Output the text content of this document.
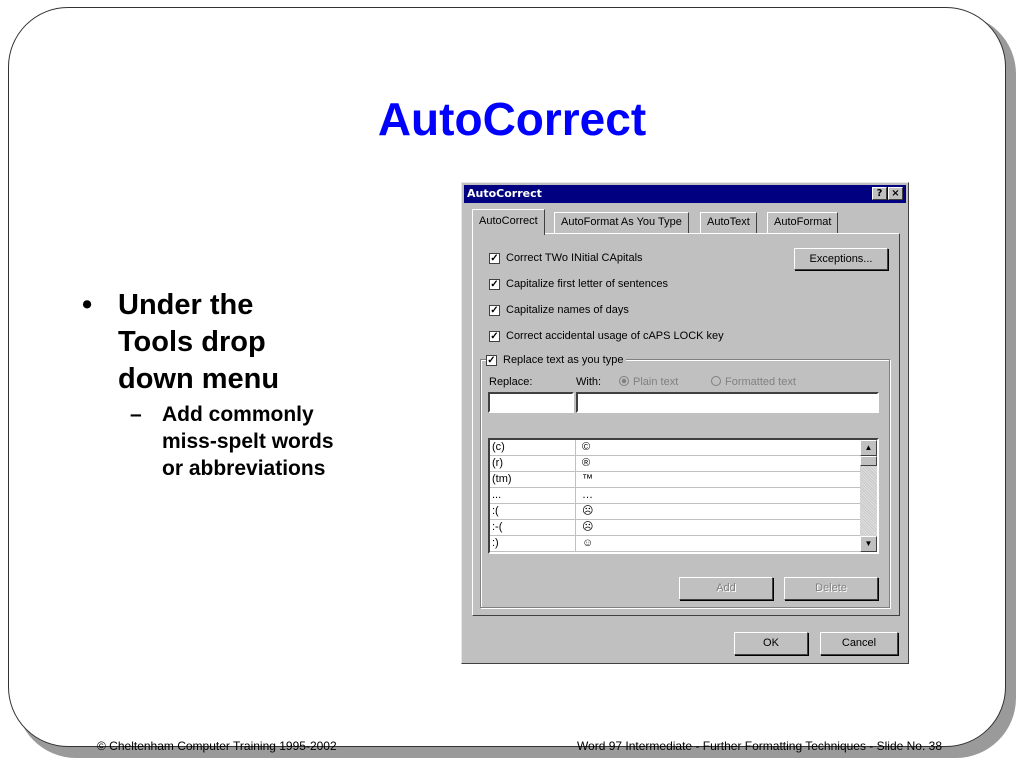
AutoCorrect
• Under the
Tools drop
down menu
– Add commonly
miss-spelt words
or abbreviations
AutoCorrect	? ×
AutoCorrect	AutoFormat As You Type	AutoText	AutoFormat
✓ Correct TWo INitial CApitals
✓ Capitalize first letter of sentences
✓ Capitalize names of days
✓ Correct accidental usage of cAPS LOCK key
Exceptions...
✓ Replace text as you type
Replace:	With:	Plain text	Formatted text
(c)	©
(r)	®
(tm)	™
...	…
:(	☹
:-(	☹
:)	☺
▲
▼
Add	Delete
OK	Cancel
© Cheltenham Computer Training 1995-2002	Word 97 Intermediate - Further Formatting Techniques - Slide No. 38
